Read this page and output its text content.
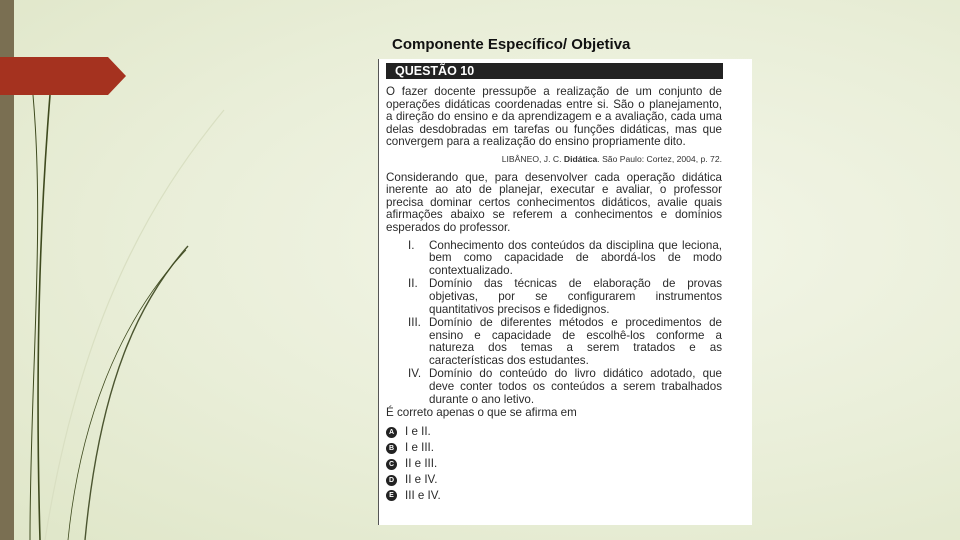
Componente Específico/ Objetiva
QUESTÃO 10

O fazer docente pressupõe a realização de um conjunto de operações didáticas coordenadas entre si. São o planejamento, a direção do ensino e da aprendizagem e a avaliação, cada uma delas desdobradas em tarefas ou funções didáticas, mas que convergem para a realização do ensino propriamente dito.

LIBÂNEO, J. C. Didática. São Paulo: Cortez, 2004, p. 72.

Considerando que, para desenvolver cada operação didática inerente ao ato de planejar, executar e avaliar, o professor precisa dominar certos conhecimentos didáticos, avalie quais afirmações abaixo se referem a conhecimentos e domínios esperados do professor.

I.	Conhecimento dos conteúdos da disciplina que leciona, bem como capacidade de abordá-los de modo contextualizado.
II. Domínio das técnicas de elaboração de provas objetivas, por se configurarem instrumentos quantitativos precisos e fidedignos.
III. Domínio de diferentes métodos e procedimentos de ensino e capacidade de escolhê-los conforme a natureza dos temas a serem tratados e as características dos estudantes.
IV. Domínio do conteúdo do livro didático adotado, que deve conter todos os conteúdos a serem trabalhados durante o ano letivo.
É correto apenas o que se afirma em
A I e II.
B I e III.
C II e III.
D II e IV.
E III e IV.
